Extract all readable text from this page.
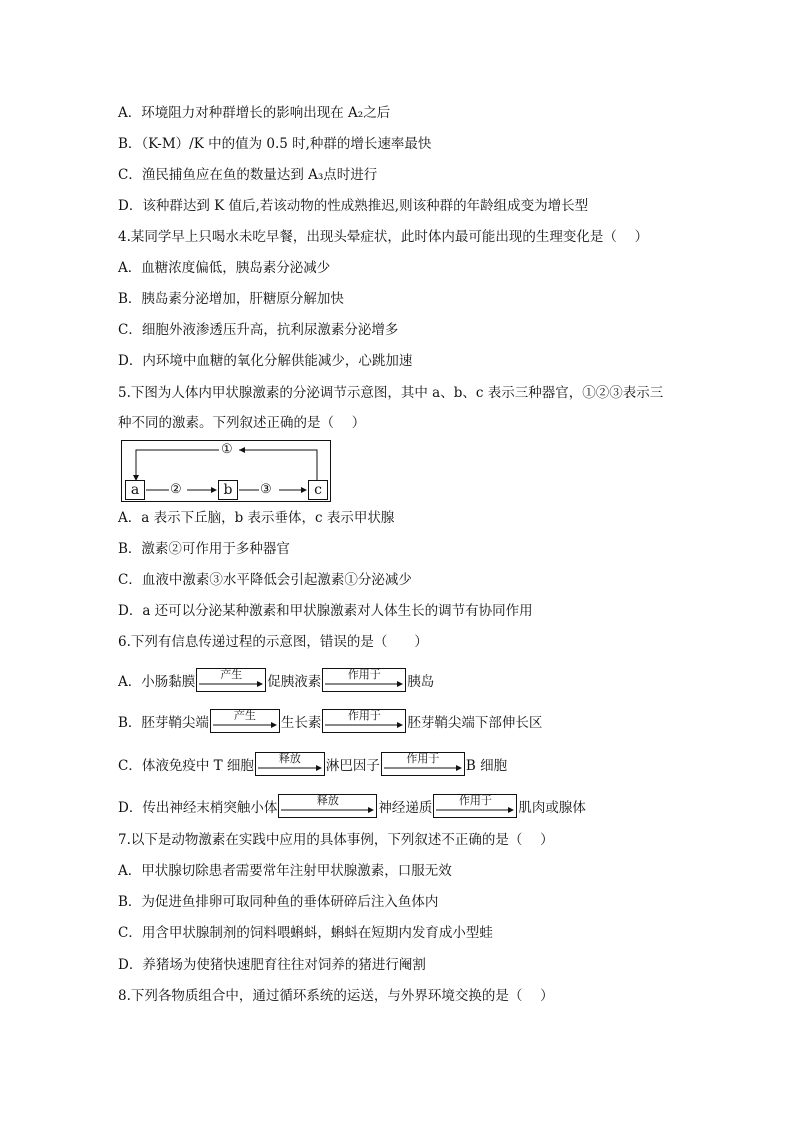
A．环境阻力对种群增长的影响出现在 A₂之后
B．（K-M）/K 中的值为 0.5 时,种群的增长速率最快
C．渔民捕鱼应在鱼的数量达到 A₃点时进行
D．该种群达到 K 值后,若该动物的性成熟推迟,则该种群的年龄组成变为增长型
4.某同学早上只喝水未吃早餐，出现头晕症状，此时体内最可能出现的生理变化是（　 ）
A．血糖浓度偏低，胰岛素分泌减少
B．胰岛素分泌增加，肝糖原分解加快
C．细胞外液渗透压升高，抗利尿激素分泌增多
D．内环境中血糖的氧化分解供能减少，心跳加速
5.下图为人体内甲状腺激素的分泌调节示意图，其中 a、b、c 表示三种器官，①②③表示三
种不同的激素。下列叙述正确的是（　 ）
a	b	c
①
②	③
A．a 表示下丘脑，b 表示垂体，c 表示甲状腺
B．激素②可作用于多种器官
C．血液中激素③水平降低会引起激素①分泌减少
D．a 还可以分泌某种激素和甲状腺激素对人体生长的调节有协同作用
6.下列有信息传递过程的示意图，错误的是（　　）
A．小肠黏膜	产生	促胰液素	作用于	胰岛
B．胚芽鞘尖端	产生	生长素	作用于	胚芽鞘尖端下部伸长区
C．体液免疫中 T 细胞	释放	淋巴因子	作用于	B 细胞
D．传出神经末梢突触小体	释放	神经递质	作用于	肌肉或腺体
7.以下是动物激素在实践中应用的具体事例，下列叙述不正确的是（　 ）
A．甲状腺切除患者需要常年注射甲状腺激素，口服无效
B．为促进鱼排卵可取同种鱼的垂体研碎后注入鱼体内
C．用含甲状腺制剂的饲料喂蝌蚪，蝌蚪在短期内发育成小型蛙
D．养猪场为使猪快速肥育往往对饲养的猪进行阉割
8.下列各物质组合中，通过循环系统的运送，与外界环境交换的是（　 ）
